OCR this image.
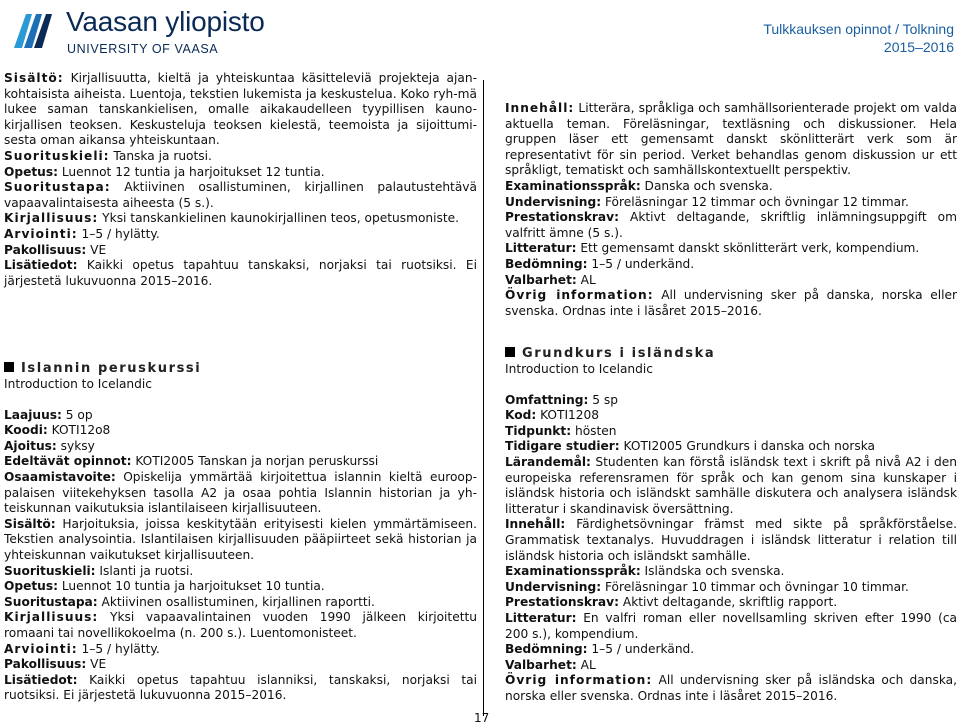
Vaasan yliopisto
UNIVERSITY OF VAASA
Tulkkauksen opinnot / Tolkning
2015–2016

Sisältö: Kirjallisuutta, kieltä ja yhteiskuntaa käsitteleviä projekteja ajan-kohtaisista aiheista. Luentoja, tekstien lukemista ja keskustelua. Koko ryh-mä lukee saman tanskankielisen, omalle aikakaudelleen tyypillisen kauno-kirjallisen teoksen. Keskusteluja teoksen kielestä, teemoista ja sijoittumi-sesta oman aikansa yhteiskuntaan.

Suorituskieli: Tanska ja ruotsi.

Opetus: Luennot 12 tuntia ja harjoitukset 12 tuntia.

Suoritustapa: Aktiivinen osallistuminen, kirjallinen palautustehtävä vapaavalintaisesta aiheesta (5 s.).

Kirjallisuus: Yksi tanskankielinen kaunokirjallinen teos, opetusmoniste.

Arviointi: 1–5 / hylätty.

Pakollisuus: VE

Lisätiedot: Kaikki opetus tapahtuu tanskaksi, norjaksi tai ruotsiksi. Ei järjestetä lukuvuonna 2015–2016.

Innehåll: Litterära, språkliga och samhällsorienterade projekt om valda aktuella teman. Föreläsningar, textläsning och diskussioner. Hela gruppen läser ett gemensamt danskt skönlitterärt verk som är representativt för sin period. Verket behandlas genom diskussion ur ett språkligt, tematiskt och samhällskontextuellt perspektiv.

Examinationsspråk: Danska och svenska.

Undervisning: Föreläsningar 12 timmar och övningar 12 timmar.

Prestationskrav: Aktivt deltagande, skriftlig inlämningsuppgift om valfritt ämne (5 s.).

Litteratur: Ett gemensamt danskt skönlitterärt verk, kompendium.

Bedömning: 1–5 / underkänd.

Valbarhet: AL

Övrig information: All undervisning sker på danska, norska eller svenska. Ordnas inte i läsåret 2015–2016.

Islannin peruskurssi

Introduction to Icelandic

Laajuus: 5 op

Koodi: KOTI12o8

Ajoitus: syksy

Edeltävät opinnot: KOTI2005 Tanskan ja norjan peruskurssi

Osaamistavoite: Opiskelija ymmärtää kirjoitettua islannin kieltä euroop-palaisen viitekehyksen tasolla A2 ja osaa pohtia Islannin historian ja yh-teiskunnan vaikutuksia islantilaiseen kirjallisuuteen.

Sisältö: Harjoituksia, joissa keskitytään erityisesti kielen ymmärtämiseen. Tekstien analysointia. Islantilaisen kirjallisuuden pääpiirteet sekä historian ja yhteiskunnan vaikutukset kirjallisuuteen.

Suorituskieli: Islanti ja ruotsi.

Opetus: Luennot 10 tuntia ja harjoitukset 10 tuntia.

Suoritustapa: Aktiivinen osallistuminen, kirjallinen raportti.

Kirjallisuus: Yksi vapaavalintainen vuoden 1990 jälkeen kirjoitettu romaani tai novellikokoelma (n. 200 s.). Luentomonisteet.

Arviointi: 1–5 / hylätty.

Pakollisuus: VE

Lisätiedot: Kaikki opetus tapahtuu islanniksi, tanskaksi, norjaksi tai ruotsiksi. Ei järjestetä lukuvuonna 2015–2016.

Grundkurs i isländska

Introduction to Icelandic

Omfattning: 5 sp

Kod: KOTI1208

Tidpunkt: hösten

Tidigare studier: KOTI2005 Grundkurs i danska och norska

Lärandemål: Studenten kan förstå isländsk text i skrift på nivå A2 i den europeiska referensramen för språk och kan genom sina kunskaper i isländsk historia och isländskt samhälle diskutera och analysera isländsk litteratur i skandinavisk översättning.

Innehåll: Färdighetsövningar främst med sikte på språkförståelse. Grammatisk textanalys. Huvuddragen i isländsk litteratur i relation till isländsk historia och isländskt samhälle.

Examinationsspråk: Isländska och svenska.

Undervisning: Föreläsningar 10 timmar och övningar 10 timmar.

Prestationskrav: Aktivt deltagande, skriftlig rapport.

Litteratur: En valfri roman eller novellsamling skriven efter 1990 (ca 200 s.), kompendium.

Bedömning: 1–5 / underkänd.

Valbarhet: AL

Övrig information: All undervisning sker på isländska och danska, norska eller svenska. Ordnas inte i läsåret 2015–2016.

17
